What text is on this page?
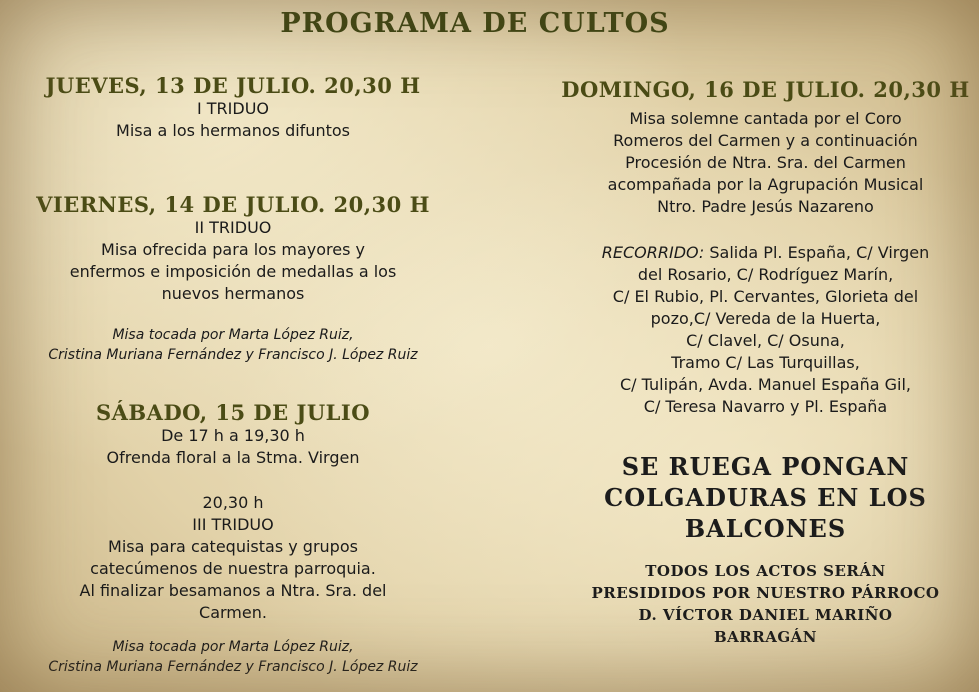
PROGRAMA DE CULTOS
JUEVES, 13 DE JULIO. 20,30 H
I TRIDUO
Misa a los hermanos difuntos
VIERNES, 14 DE JULIO. 20,30 H
II TRIDUO
Misa ofrecida para los mayores y
enfermos e imposición de medallas a los
nuevos hermanos
Misa tocada por Marta López Ruiz,
Cristina Muriana Fernández y Francisco J. López Ruiz
SÁBADO, 15 DE JULIO
De 17 h a 19,30 h
Ofrenda floral a la Stma. Virgen
20,30 h
III TRIDUO
Misa para catequistas y grupos
catecúmenos de nuestra parroquia.
Al finalizar besamanos a Ntra. Sra. del
Carmen.
Misa tocada por Marta López Ruiz,
Cristina Muriana Fernández y Francisco J. López Ruiz
DOMINGO, 16 DE JULIO. 20,30 H
Misa solemne cantada por el Coro
Romeros del Carmen y a continuación
Procesión de Ntra. Sra. del Carmen
acompañada por la Agrupación Musical
Ntro. Padre Jesús Nazareno
RECORRIDO: Salida Pl. España, C/ Virgen
del Rosario, C/ Rodríguez Marín,
C/ El Rubio, Pl. Cervantes, Glorieta del
pozo,C/ Vereda de la Huerta,
C/ Clavel, C/ Osuna,
Tramo C/ Las Turquillas,
C/ Tulipán, Avda. Manuel España Gil,
C/ Teresa Navarro y Pl. España
SE RUEGA PONGAN
COLGADURAS EN LOS
BALCONES
TODOS LOS ACTOS SERÁN
PRESIDIDOS POR NUESTRO PÁRROCO
D. VÍCTOR DANIEL MARIÑO
BARRAGÁN
